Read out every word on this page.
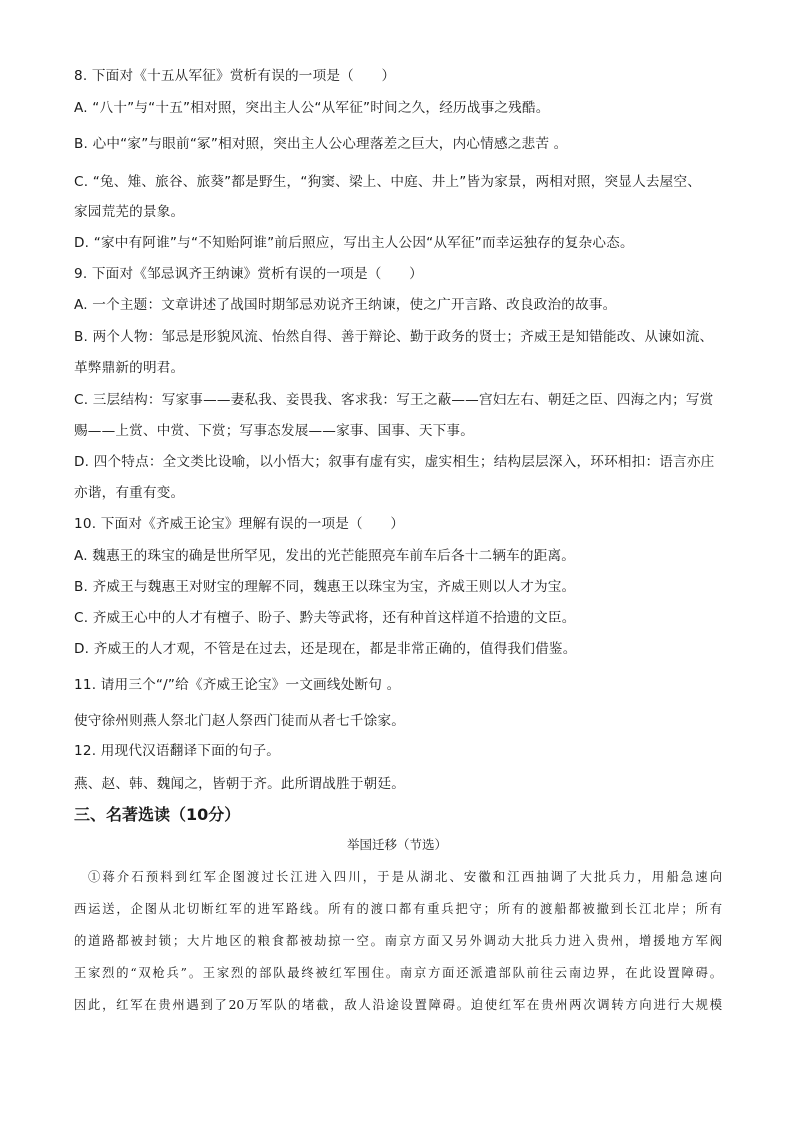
8. 下面对《十五从军征》赏析有误的一项是（　　）
A. “八十”与“十五”相对照，突出主人公“从军征”时间之久，经历战事之残酷。
B. 心中“家”与眼前“冢”相对照，突出主人公心理落差之巨大，内心情感之悲苦 。
C. “兔、雉、旅谷、旅葵”都是野生，“狗窦、梁上、中庭、井上”皆为家景，两相对照，突显人去屋空、
家园荒芜的景象。
D. “家中有阿谁”与“不知贻阿谁”前后照应，写出主人公因“从军征”而幸运独存的复杂心态。
9. 下面对《邹忌讽齐王纳谏》赏析有误的一项是（　　）
A. 一个主题：文章讲述了战国时期邹忌劝说齐王纳谏，使之广开言路、改良政治的故事。
B. 两个人物：邹忌是形貌风流、怡然自得、善于辩论、勤于政务的贤士；齐威王是知错能改、从谏如流、
革弊鼎新的明君。
C. 三层结构：写家事——妻私我、妾畏我、客求我：写王之蔽——宫妇左右、朝廷之臣、四海之内；写赏
赐——上赏、中赏、下赏；写事态发展——家事、国事、天下事。
D. 四个特点：全文类比设喻，以小悟大；叙事有虚有实，虚实相生；结构层层深入，环环相扣：语言亦庄
亦谐，有重有变。
10. 下面对《齐威王论宝》理解有误的一项是（　　）
A. 魏惠王的珠宝的确是世所罕见，发出的光芒能照亮车前车后各十二辆车的距离。
B. 齐威王与魏惠王对财宝的理解不同，魏惠王以珠宝为宝，齐威王则以人才为宝。
C. 齐威王心中的人才有檀子、盼子、黔夫等武将，还有种首这样道不拾遗的文臣。
D. 齐威王的人才观，不管是在过去，还是现在，都是非常正确的，值得我们借鉴。
11. 请用三个“/”给《齐威王论宝》一文画线处断句 。
使守徐州则燕人祭北门赵人祭西门徒而从者七千馀家。
12. 用现代汉语翻译下面的句子。
燕、赵、韩、魏闻之，皆朝于齐。此所谓战胜于朝廷。
三、名著选读（10分）
举国迁移（节选）
①蒋介石预料到红军企图渡过长江进入四川，于是从湖北、安徽和江西抽调了大批兵力，用船急速向
西运送，企图从北切断红军的进军路线。所有的渡口都有重兵把守；所有的渡船都被撤到长江北岸；所有
的道路都被封锁；大片地区的粮食都被劫掠一空。南京方面又另外调动大批兵力进入贵州，增援地方军阀
王家烈的“双枪兵”。王家烈的部队最终被红军围住。南京方面还派遣部队前往云南边界，在此设置障碍。
因此，红军在贵州遇到了20万军队的堵截，敌人沿途设置障碍。迫使红军在贵州两次调转方向进行大规模
